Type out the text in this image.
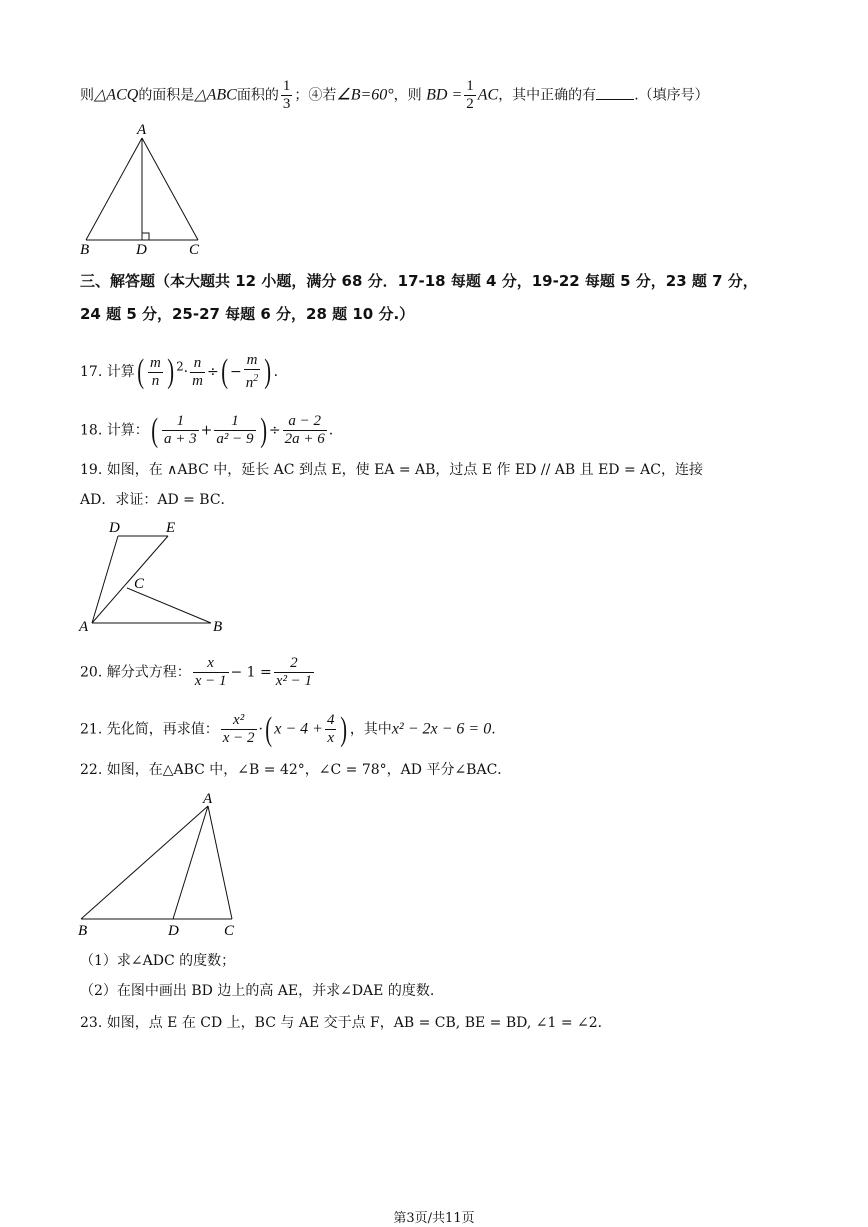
则△ACQ的面积是△ABC面积的 $\frac{1}{3}$ ；④若∠B=60°，则 BD = $\frac{1}{2}$ AC，其中正确的有	.（填序号）
A
B	D	C
三、解答题（本大题共 12 小题，满分 68 分．17-18 每题 4 分，19-22 每题 5 分，23 题 7 分，
24 题 5 分，25-27 每题 6 分，28 题 10 分.）
17. 计算( $\frac{m}{n}$ ) $^2\cdot \frac{n}{m}$ ÷( − $\frac{m}{n^2}$ ) .
18. 计算：( $\frac{1}{a + 3} + \frac{1}{\text{a² − 9}}$ ) ÷ $\frac{a - 2}{2a + 6}$ .
19. 如图，在 ∧ABC 中，延长 AC 到点 E，使 EA = AB，过点 E 作 ED // AB 且 ED = AC，连接
AD．求证：AD = BC．
D	E
C
A	B
20. 解分式方程： $\frac{x}{x - 1} - 1 = \frac{2}{\text{x² − 1}}$
21. 先化简，再求值： $\frac{\text{x²}}{x - 2}$ ·( $x - 4 + \frac{4}{x}$ ) ，其中x² − 2x − 6 = 0.
22. 如图，在△ABC 中，∠B = 42°，∠C = 78°，AD 平分∠BAC．
A
B	D	C
（1）求∠ADC 的度数；
（2）在图中画出 BD 边上的高 AE，并求∠DAE 的度数.
23. 如图，点 E 在 CD 上，BC 与 AE 交于点 F，AB = CB, BE = BD, ∠1 = ∠2．
第3页/共11页
